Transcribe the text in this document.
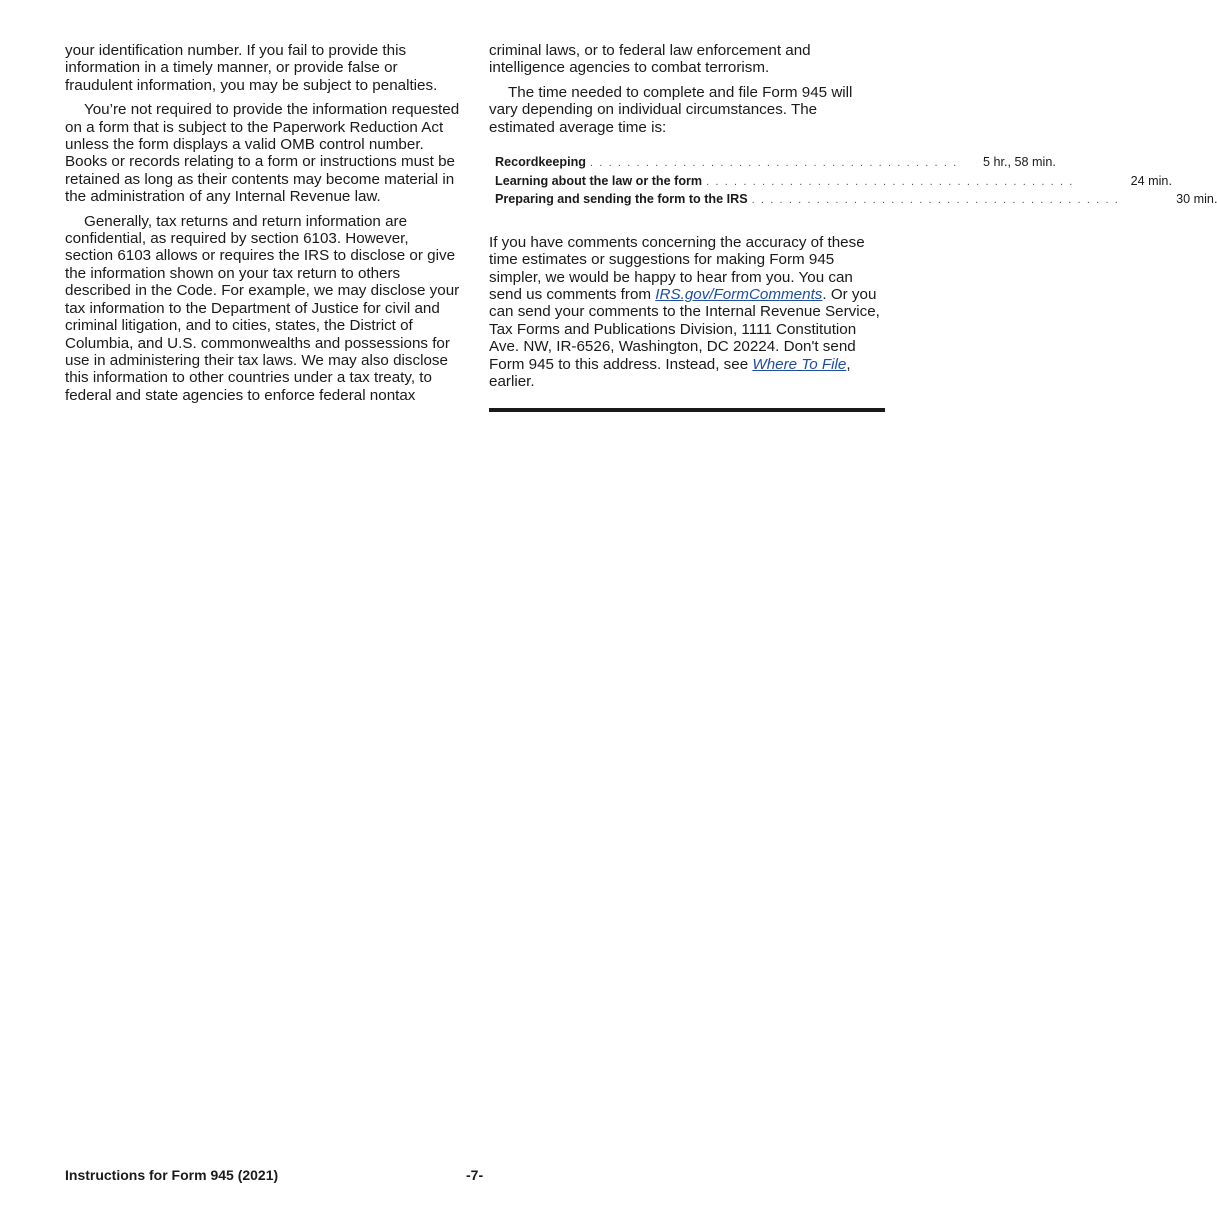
your identification number. If you fail to provide this information in a timely manner, or provide false or fraudulent information, you may be subject to penalties.

You’re not required to provide the information requested on a form that is subject to the Paperwork Reduction Act unless the form displays a valid OMB control number. Books or records relating to a form or instructions must be retained as long as their contents may become material in the administration of any Internal Revenue law.

Generally, tax returns and return information are confidential, as required by section 6103. However, section 6103 allows or requires the IRS to disclose or give the information shown on your tax return to others described in the Code. For example, we may disclose your tax information to the Department of Justice for civil and criminal litigation, and to cities, states, the District of Columbia, and U.S. commonwealths and possessions for use in administering their tax laws. We may also disclose this information to other countries under a tax treaty, to federal and state agencies to enforce federal nontax

criminal laws, or to federal law enforcement and intelligence agencies to combat terrorism.

The time needed to complete and file Form 945 will vary depending on individual circumstances. The estimated average time is:

Recordkeeping . . . . . . . . . . . . . . . . . . . . . . . . . . . . . . . . . . . . . . . .	5 hr., 58 min.
Learning about the law or the form . . . . . . . . . . . . . . . . . . . . . . . . . . . . . . . . . . . . . . . .	24 min.
Preparing and sending the form to the IRS . . . . . . . . . . . . . . . . . . . . . . . . . . . . . . . . . . . . . . . .	30 min.

If you have comments concerning the accuracy of these time estimates or suggestions for making Form 945 simpler, we would be happy to hear from you. You can send us comments from IRS.gov/FormComments. Or you can send your comments to the Internal Revenue Service, Tax Forms and Publications Division, 1111 Constitution Ave. NW, IR-6526, Washington, DC 20224. Don't send Form 945 to this address. Instead, see Where To File, earlier.

Instructions for Form 945 (2021)	-7-
